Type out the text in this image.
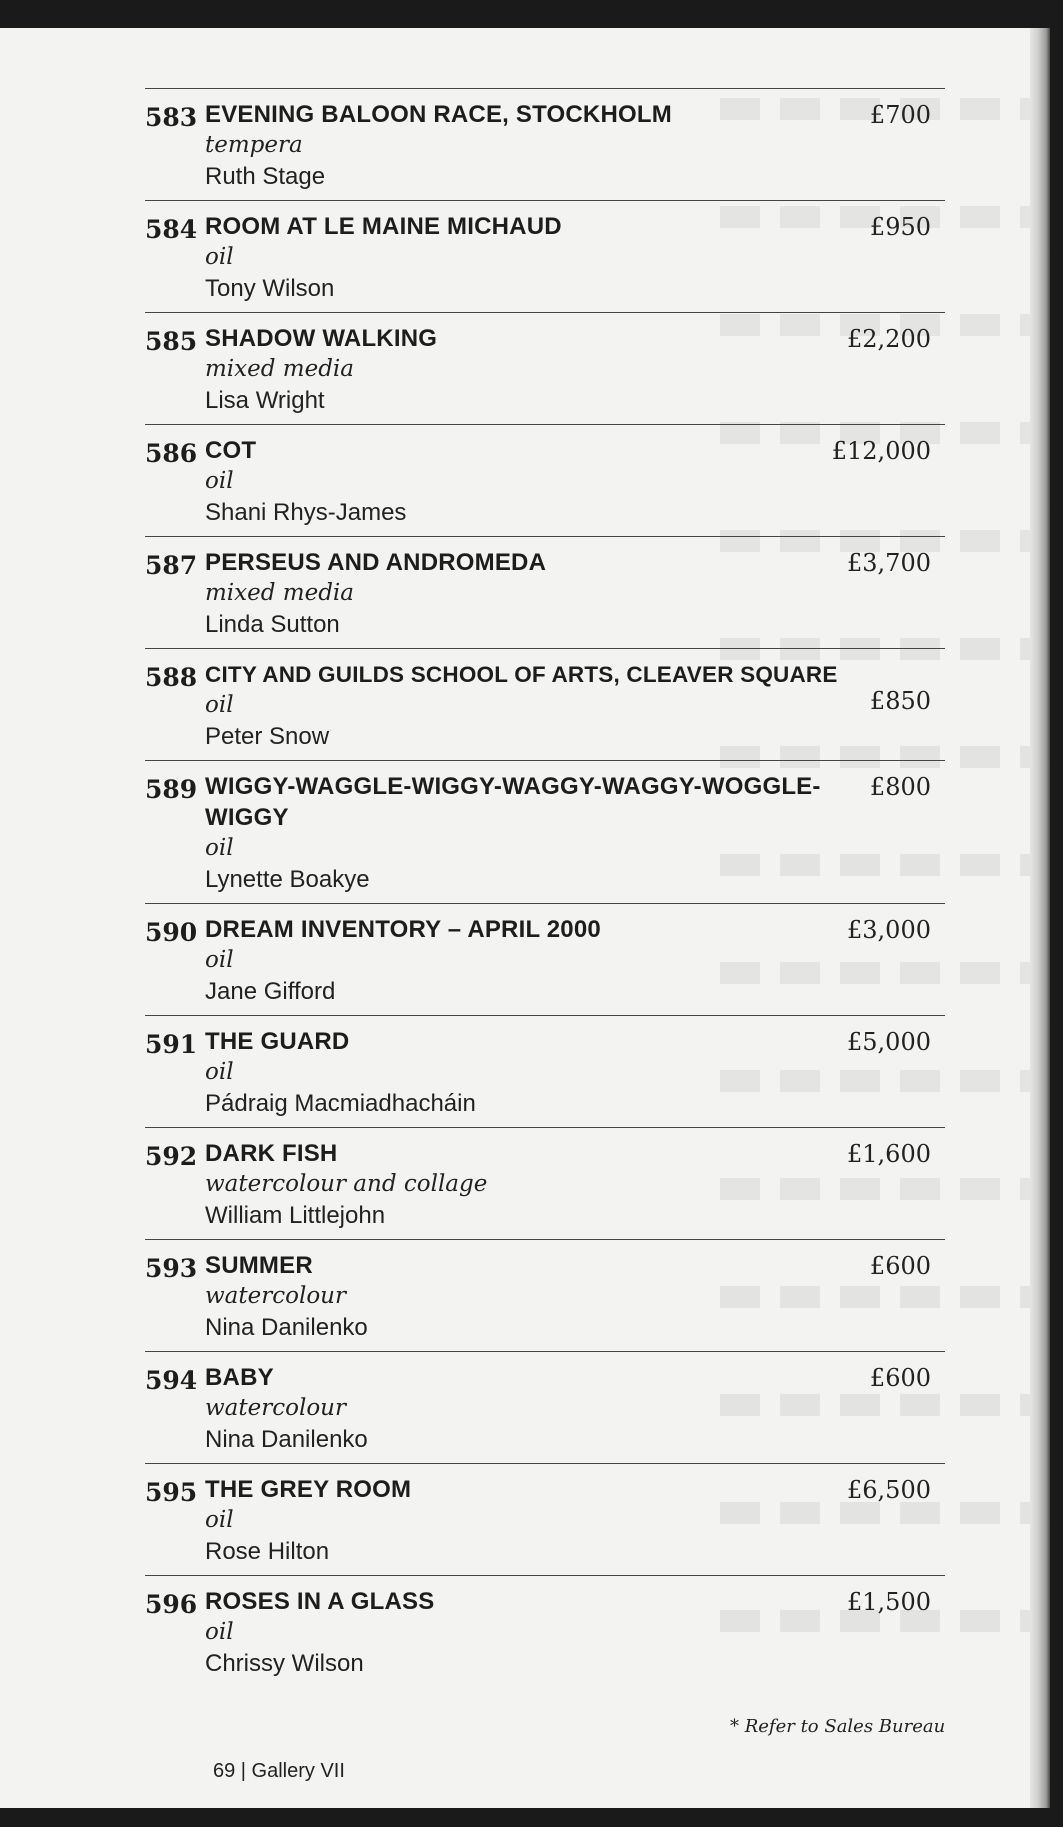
583 EVENING BALOON RACE, STOCKHOLM
tempera
Ruth Stage
£700
584 ROOM AT LE MAINE MICHAUD
oil
Tony Wilson
£950
585 SHADOW WALKING
mixed media
Lisa Wright
£2,200
586 COT
oil
Shani Rhys-James
£12,000
587 PERSEUS AND ANDROMEDA
mixed media
Linda Sutton
£3,700
588 CITY AND GUILDS SCHOOL OF ARTS, CLEAVER SQUARE
oil
Peter Snow
£850
589 WIGGY-WAGGLE-WIGGY-WAGGY-WAGGY-WOGGLE-WIGGY
oil
Lynette Boakye
£800
590 DREAM INVENTORY – APRIL 2000
oil
Jane Gifford
£3,000
591 THE GUARD
oil
Pádraig Macmiadhacháin
£5,000
592 DARK FISH
watercolour and collage
William Littlejohn
£1,600
593 SUMMER
watercolour
Nina Danilenko
£600
594 BABY
watercolour
Nina Danilenko
£600
595 THE GREY ROOM
oil
Rose Hilton
£6,500
596 ROSES IN A GLASS
oil
Chrissy Wilson
£1,500
* Refer to Sales Bureau
69 | Gallery VII
